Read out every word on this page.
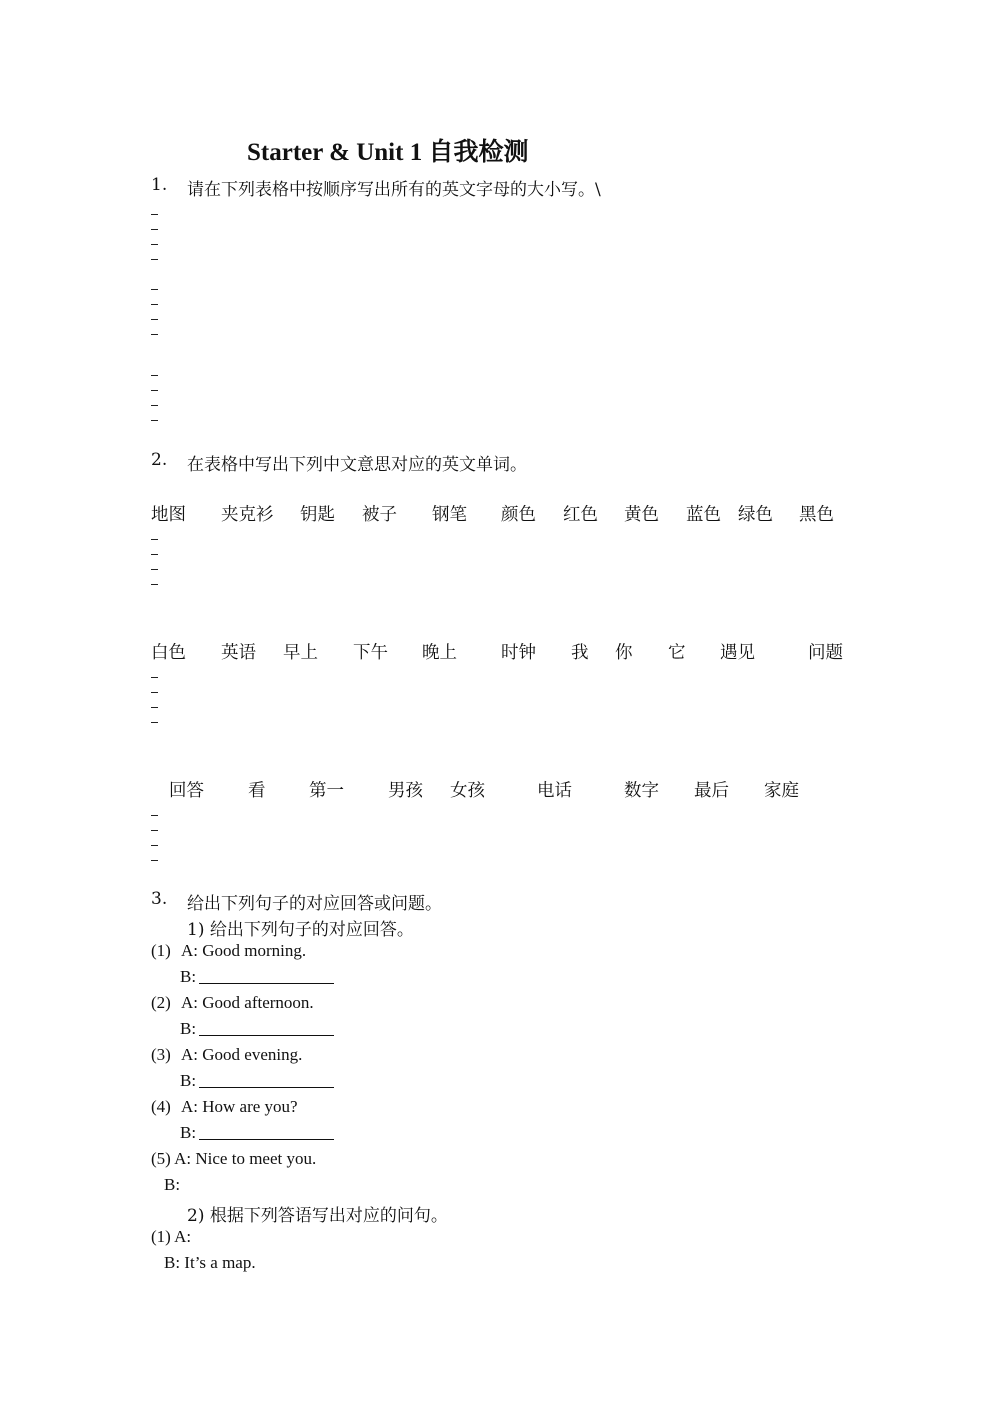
Starter & Unit 1 自我检测
1. 请在下列表格中按顺序写出所有的英文字母的大小写。\
2. 在表格中写出下列中文意思对应的英文单词。
地图 夹克衫 钥匙 被子 钢笔 颜色 红色 黄色 蓝色 绿色 黑色
白色 英语 早上 下午 晚上	时钟 我 你 它 遇见	问题
回答	看 第一	男孩 女孩	电话	数字 最后 家庭
3. 给出下列句子的对应回答或问题。
1) 给出下列句子的对应回答。
(1) A: Good morning.
B:
(2) A: Good afternoon.
B:
(3) A: Good evening.
B:
(4) A: How are you?
B:
(5) A: Nice to meet you.
B:
2) 根据下列答语写出对应的问句。
(1) A:
B: It’s a map.
